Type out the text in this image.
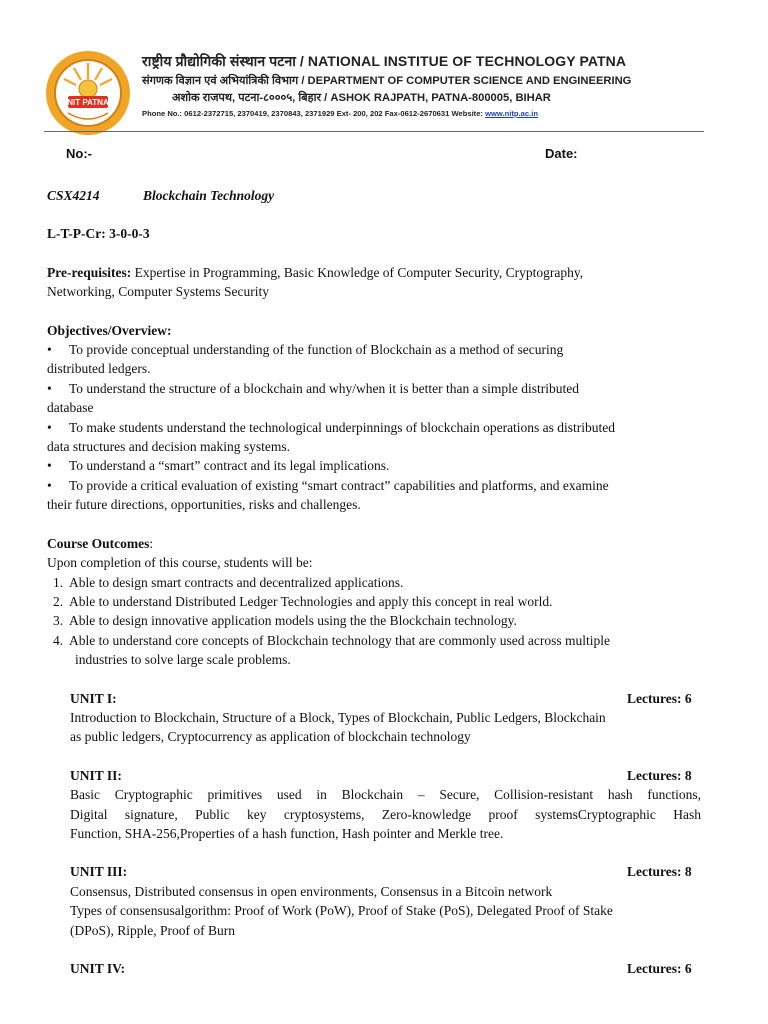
NIT PATNA
राष्ट्रीय प्रौद्योगिकी संस्थान पटना / NATIONAL INSTITUE OF TECHNOLOGY PATNA
संगणक विज्ञान एवं अभियांत्रिकी विभाग / DEPARTMENT OF COMPUTER SCIENCE AND ENGINEERING
अशोक राजपथ, पटना-८०००५, बिहार / ASHOK RAJPATH, PATNA-800005, BIHAR
Phone No.: 0612-2372715, 2370419, 2370843, 2371929 Ext- 200, 202 Fax-0612-2670631 Website: www.nitp.ac.in
No:-	Date:
CSX4214	Blockchain Technology
L-T-P-Cr: 3-0-0-3
Pre-requisites: Expertise in Programming, Basic Knowledge of Computer Security, Cryptography,
Networking, Computer Systems Security
Objectives/Overview:
• To provide conceptual understanding of the function of Blockchain as a method of securing
distributed ledgers.
• To understand the structure of a blockchain and why/when it is better than a simple distributed
database
• To make students understand the technological underpinnings of blockchain operations as distributed
data structures and decision making systems.
• To understand a “smart” contract and its legal implications.
• To provide a critical evaluation of existing “smart contract” capabilities and platforms, and examine
their future directions, opportunities, risks and challenges.
Course Outcomes:
Upon completion of this course, students will be:
1. Able to design smart contracts and decentralized applications.
2. Able to understand Distributed Ledger Technologies and apply this concept in real world.
3. Able to design innovative application models using the the Blockchain technology.
4. Able to understand core concepts of Blockchain technology that are commonly used across multiple
industries to solve large scale problems.
UNIT I:	Lectures: 6
Introduction to Blockchain, Structure of a Block, Types of Blockchain, Public Ledgers, Blockchain
as public ledgers, Cryptocurrency as application of blockchain technology
UNIT II:	Lectures: 8
Basic Cryptographic primitives used in Blockchain – Secure, Collision-resistant hash functions,
Digital signature, Public key cryptosystems, Zero-knowledge proof systemsCryptographic Hash
Function, SHA-256,Properties of a hash function, Hash pointer and Merkle tree.
UNIT III:	Lectures: 8
Consensus, Distributed consensus in open environments, Consensus in a Bitcoin network
Types of consensusalgorithm: Proof of Work (PoW), Proof of Stake (PoS), Delegated Proof of Stake
(DPoS), Ripple, Proof of Burn
UNIT IV:	Lectures: 6
